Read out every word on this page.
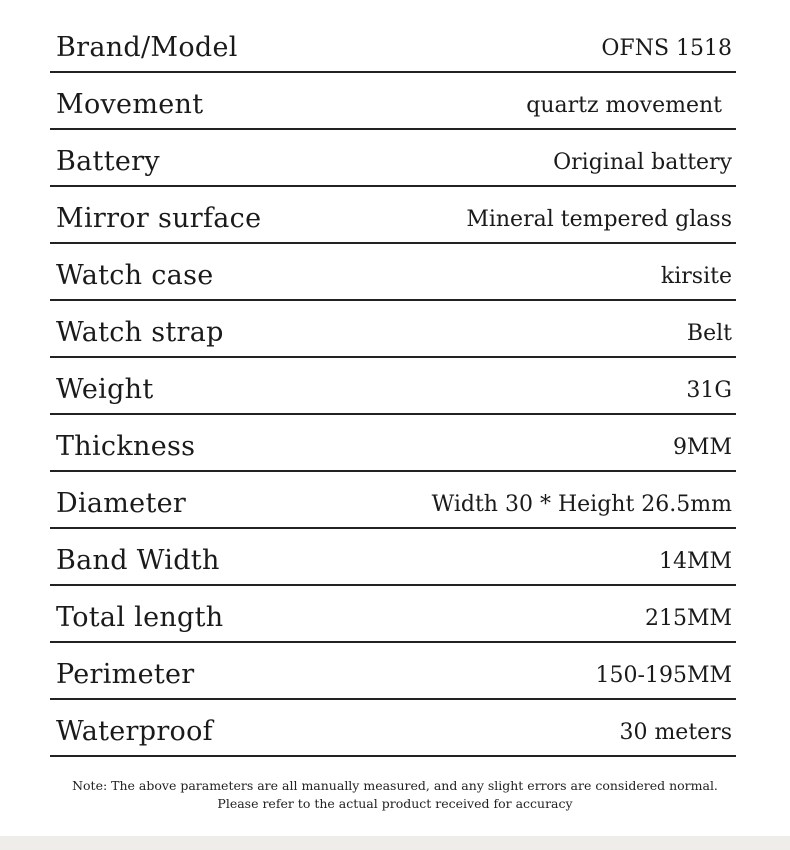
Brand/Model	OFNS 1518
Movement	quartz movement
Battery	Original battery
Mirror surface	Mineral tempered glass
Watch case	kirsite
Watch strap	Belt
Weight	31G
Thickness	9MM
Diameter	Width 30 * Height 26.5mm
Band Width	14MM
Total length	215MM
Perimeter	150-195MM
Waterproof	30 meters
Note: The above parameters are all manually measured, and any slight errors are considered normal.
Please refer to the actual product received for accuracy
